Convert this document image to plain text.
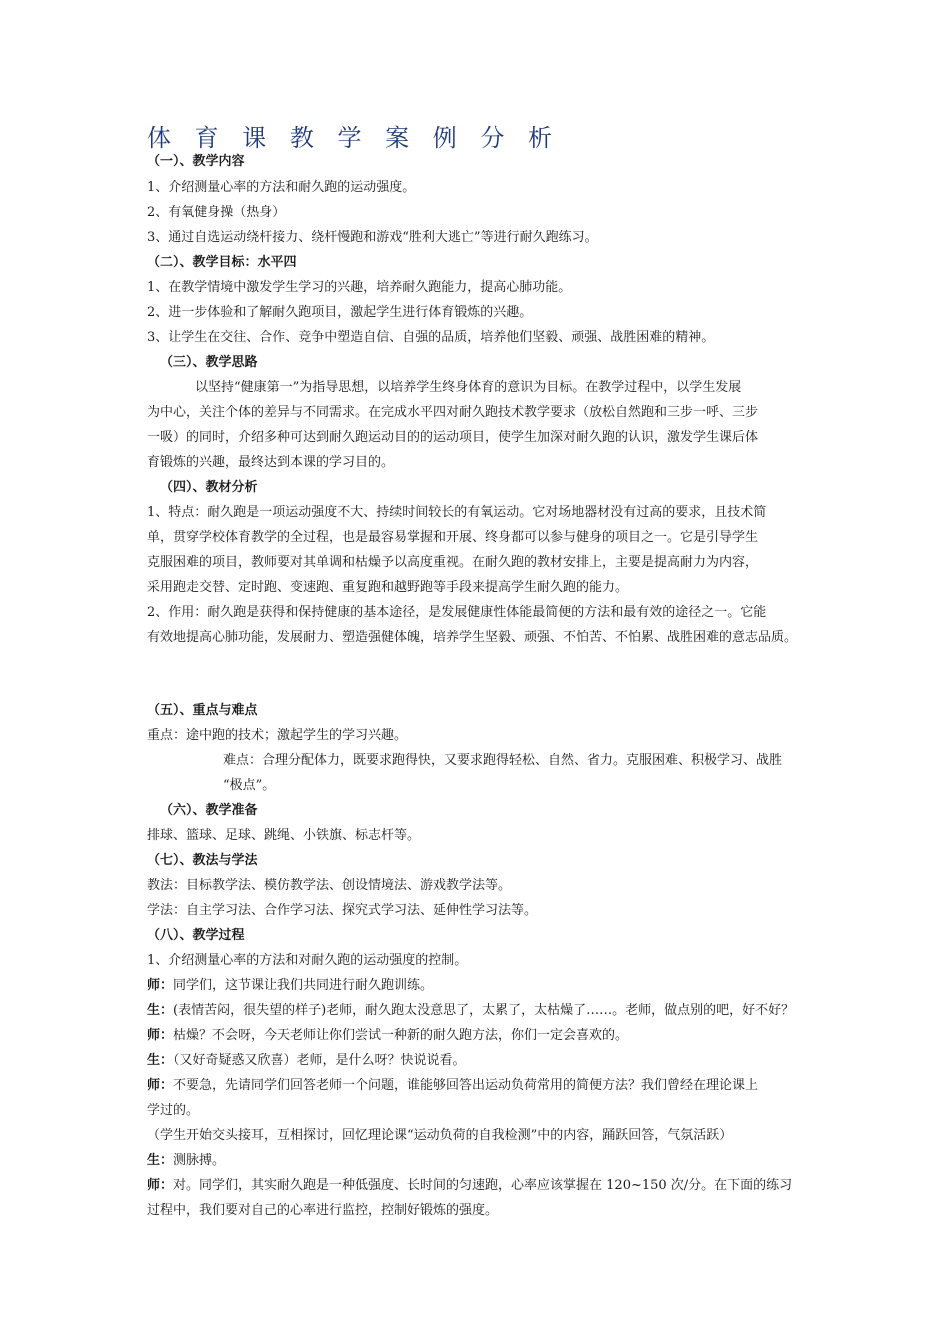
体 育 课 教 学 案 例 分 析
（一）、教学内容
1、介绍测量心率的方法和耐久跑的运动强度。
2、有氧健身操（热身）
3、通过自选运动绕杆接力、绕杆慢跑和游戏“胜利大逃亡”等进行耐久跑练习。
（二）、教学目标：水平四
1、在教学情境中激发学生学习的兴趣，培养耐久跑能力，提高心肺功能。
2、进一步体验和了解耐久跑项目，激起学生进行体育锻炼的兴趣。
3、让学生在交往、合作、竞争中塑造自信、自强的品质，培养他们坚毅、顽强、战胜困难的精神。
（三）、教学思路
以坚持“健康第一”为指导思想，以培养学生终身体育的意识为目标。在教学过程中，以学生发展
为中心，关注个体的差异与不同需求。在完成水平四对耐久跑技术教学要求（放松自然跑和三步一呼、三步
一吸）的同时，介绍多种可达到耐久跑运动目的的运动项目，使学生加深对耐久跑的认识，激发学生课后体
育锻炼的兴趣，最终达到本课的学习目的。
（四）、教材分析
1、特点：耐久跑是一项运动强度不大、持续时间较长的有氧运动。它对场地器材没有过高的要求，且技术简
单，贯穿学校体育教学的全过程，也是最容易掌握和开展、终身都可以参与健身的项目之一。它是引导学生
克服困难的项目，教师要对其单调和枯燥予以高度重视。在耐久跑的教材安排上，主要是提高耐力为内容，
采用跑走交替、定时跑、变速跑、重复跑和越野跑等手段来提高学生耐久跑的能力。
2、作用：耐久跑是获得和保持健康的基本途径，是发展健康性体能最简便的方法和最有效的途径之一。它能
有效地提高心肺功能，发展耐力、塑造强健体魄，培养学生坚毅、顽强、不怕苦、不怕累、战胜困难的意志品质。
（五）、重点与难点
重点：途中跑的技术；激起学生的学习兴趣。
难点：合理分配体力，既要求跑得快，又要求跑得轻松、自然、省力。克服困难、积极学习、战胜
“极点”。
（六）、教学准备
排球、篮球、足球、跳绳、小铁旗、标志杆等。
（七）、教法与学法
教法：目标教学法、模仿教学法、创设情境法、游戏教学法等。
学法：自主学习法、合作学习法、探究式学习法、延伸性学习法等。
（八）、教学过程
1、介绍测量心率的方法和对耐久跑的运动强度的控制。
师：同学们，这节课让我们共同进行耐久跑训练。
生：(表情苦闷，很失望的样子)老师，耐久跑太没意思了，太累了，太枯燥了……。老师，做点别的吧，好不好？
师：枯燥？不会呀，今天老师让你们尝试一种新的耐久跑方法，你们一定会喜欢的。
生：（又好奇疑惑又欣喜）老师，是什么呀？快说说看。
师：不要急，先请同学们回答老师一个问题，谁能够回答出运动负荷常用的简便方法？我们曾经在理论课上
学过的。
（学生开始交头接耳，互相探讨，回忆理论课“运动负荷的自我检测”中的内容，踊跃回答，气氛活跃）
生：测脉搏。
师：对。同学们，其实耐久跑是一种低强度、长时间的匀速跑，心率应该掌握在 120~150 次/分。在下面的练习
过程中，我们要对自己的心率进行监控，控制好锻炼的强度。
